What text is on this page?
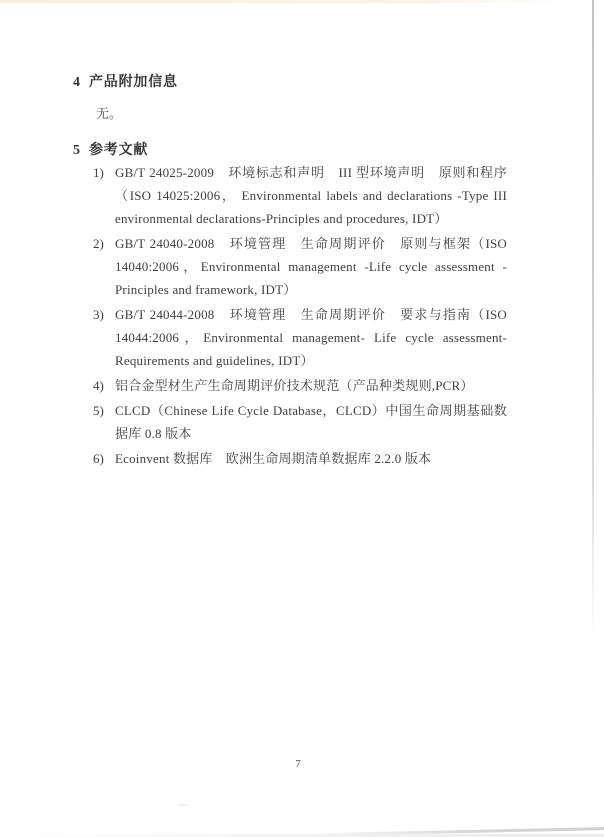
4 产品附加信息

无。

5 参考文献
1) GB/T 24025-2009　环境标志和声明　III 型环境声明　原则和程序（ISO 14025:2006， Environmental labels and declarations -Type III environmental declarations-Principles and procedures, IDT）
2) GB/T 24040-2008　环境管理　生命周期评价　原则与框架（ISO 14040:2006，Environmental management -Life cycle assessment - Principles and framework, IDT）
3) GB/T 24044-2008　环境管理　生命周期评价　要求与指南（ISO 14044:2006，Environmental management- Life cycle assessment- Requirements and guidelines, IDT）
4) 铝合金型材生产生命周期评价技术规范（产品种类规则,PCR）
5) CLCD（Chinese Life Cycle Database，CLCD）中国生命周期基础数据库 0.8 版本
6) Ecoinvent 数据库　欧洲生命周期清单数据库 2.2.0 版本
7
